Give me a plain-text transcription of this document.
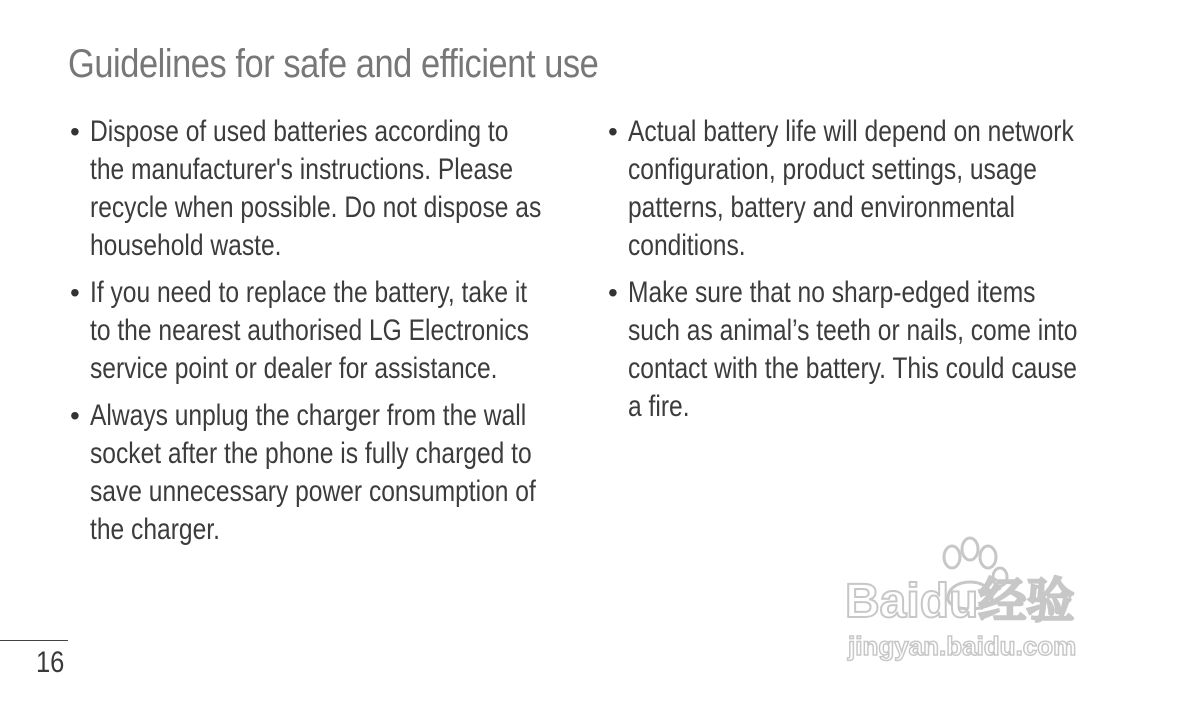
Guidelines for safe and efficient use
• Dispose of used batteries according to
the manufacturer's instructions. Please
recycle when possible. Do not dispose as
household waste.
• If you need to replace the battery, take it
to the nearest authorised LG Electronics
service point or dealer for assistance.
• Always unplug the charger from the wall
socket after the phone is fully charged to
save unnecessary power consumption of
the charger.
• Actual battery life will depend on network
configuration, product settings, usage
patterns, battery and environmental
conditions.
• Make sure that no sharp-edged items
such as animal’s teeth or nails, come into
contact with the battery. This could cause
a fire.
16
Baidu经验
jingyan.baidu.com
